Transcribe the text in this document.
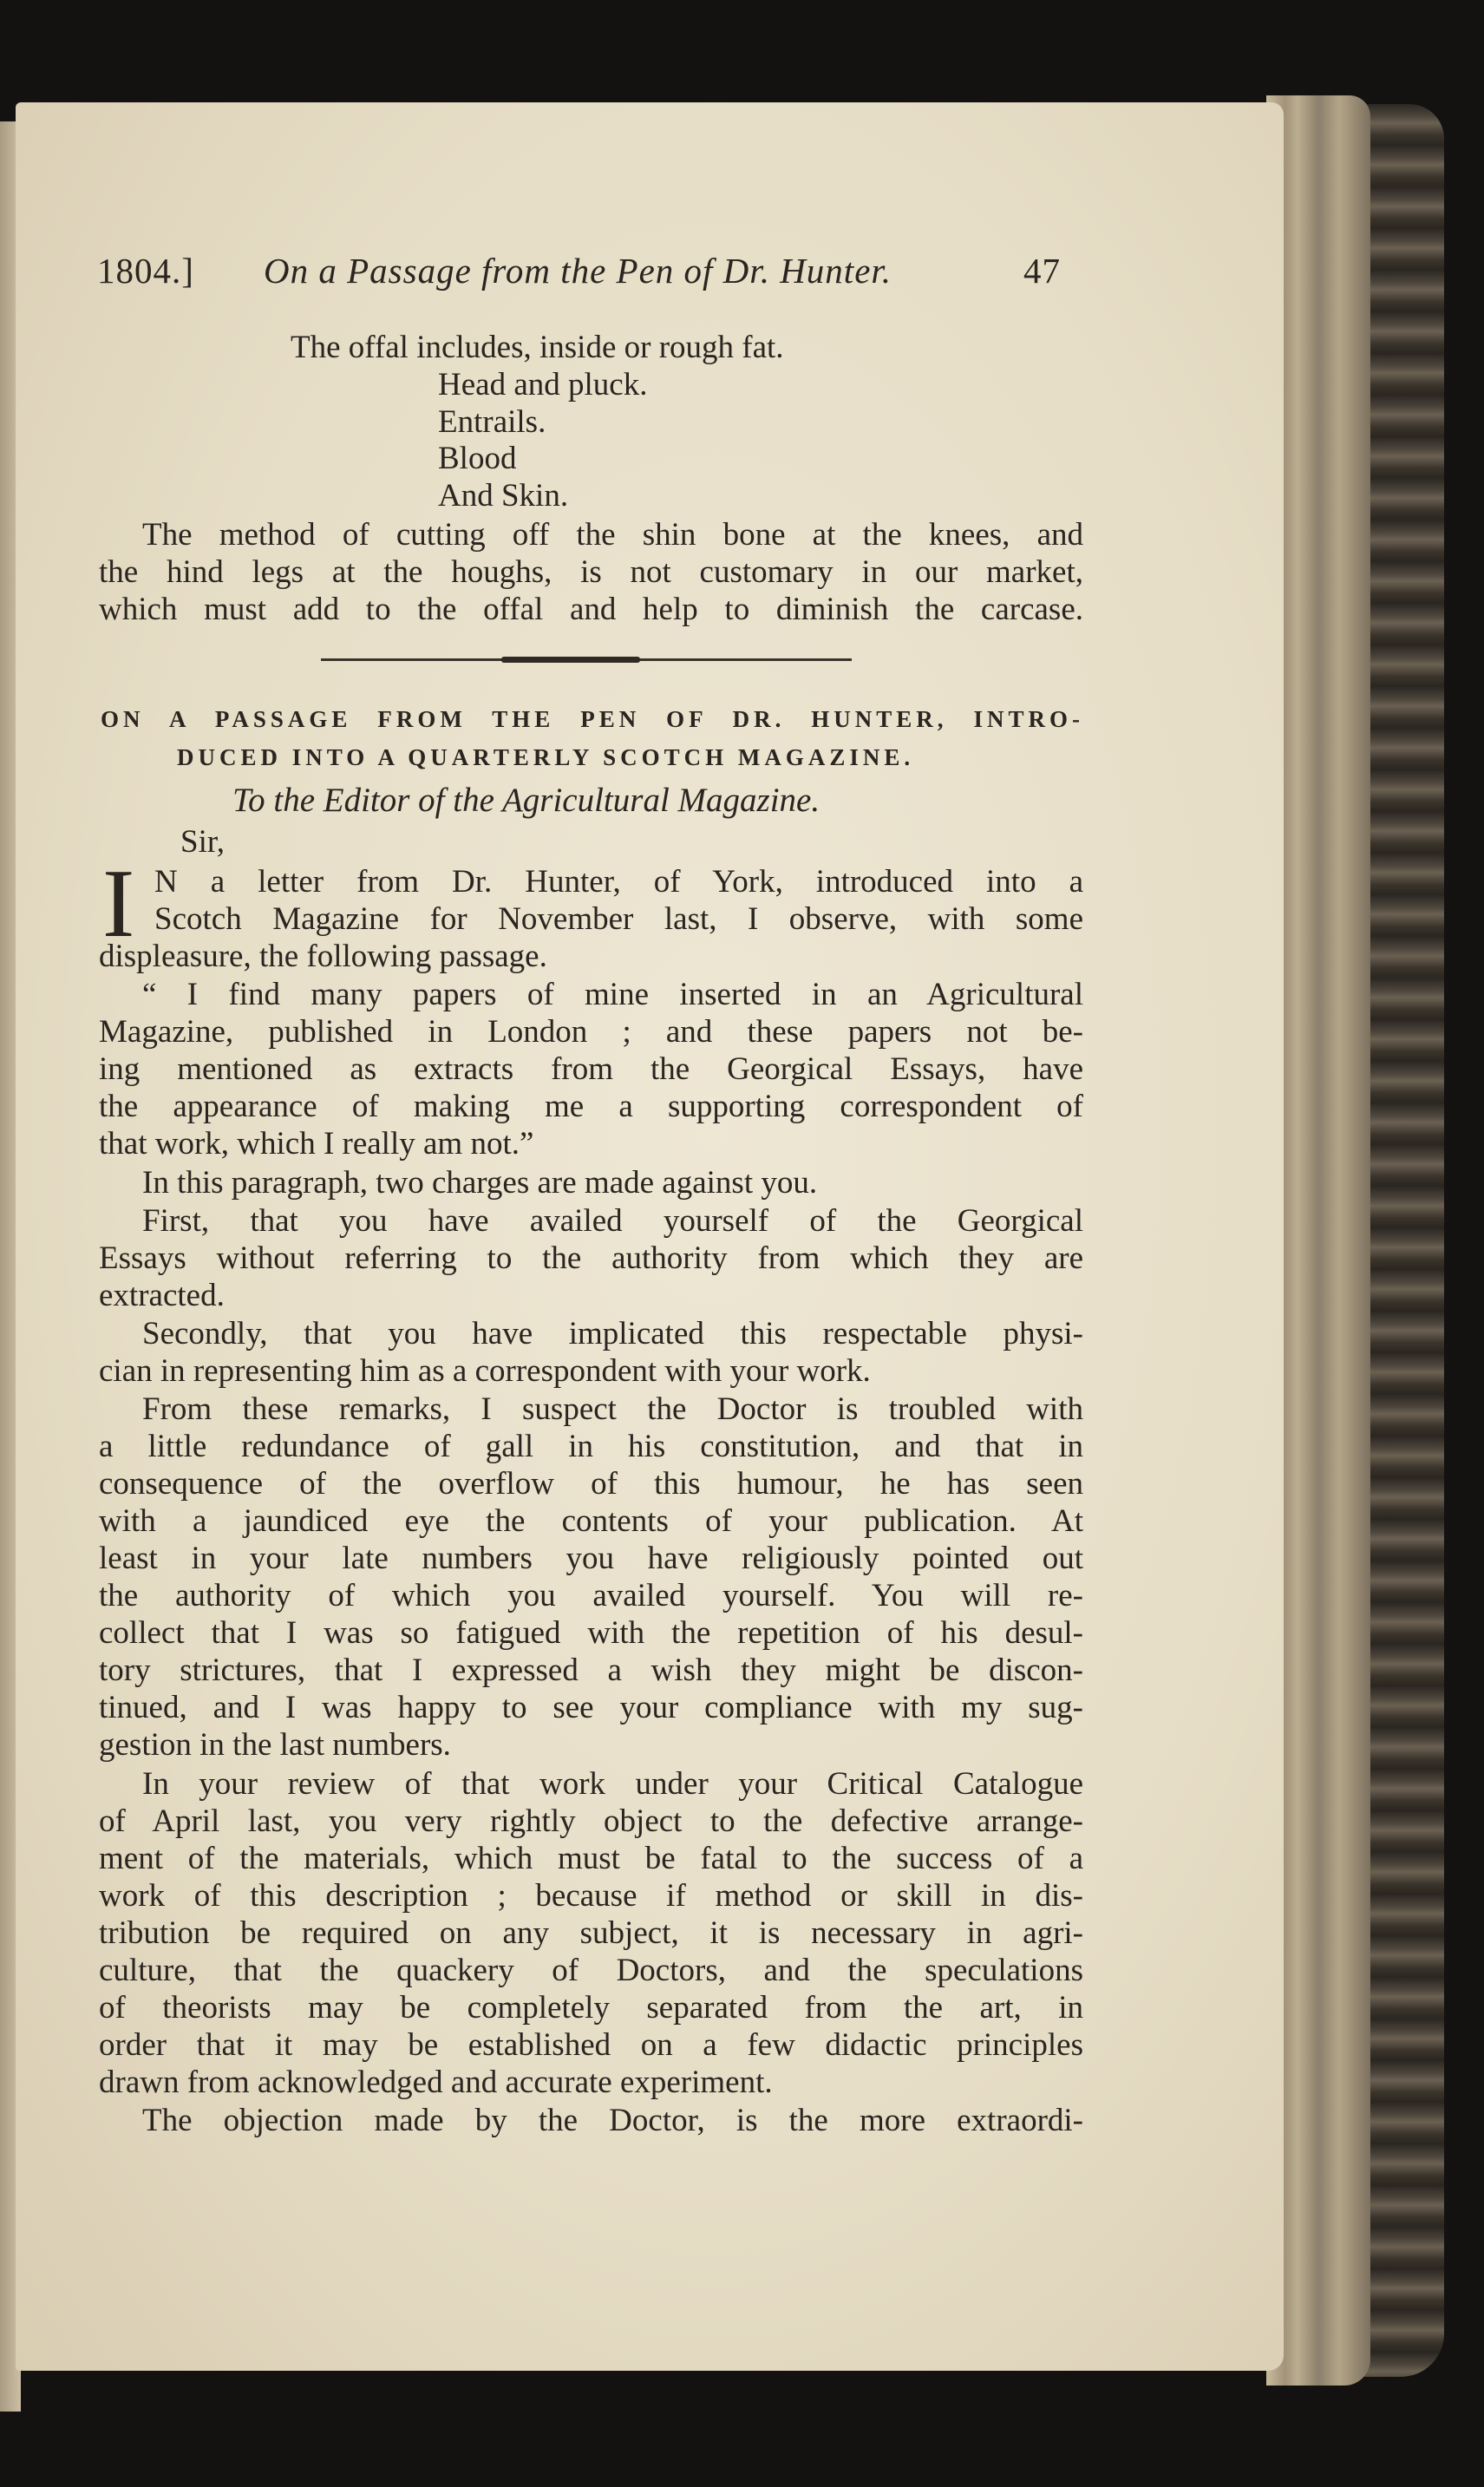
1804.] On a Passage from the Pen of Dr. Hunter.	47
The offal includes, inside or rough fat.
Head and pluck.
Entrails.
Blood
And Skin.
The method of cutting off the shin bone at the knees, and
the hind legs at the houghs, is not customary in our market,
which must add to the offal and help to diminish the carcase.
ON A PASSAGE FROM THE PEN OF DR. HUNTER, INTRO-
DUCED INTO A QUARTERLY SCOTCH MAGAZINE.
To the Editor of the Agricultural Magazine.
Sir,
I N a letter from Dr. Hunter, of York, introduced into a
Scotch Magazine for November last, I observe, with some
displeasure, the following passage.
“ I find many papers of mine inserted in an Agricultural
Magazine, published in London ; and these papers not be-
ing mentioned as extracts from the Georgical Essays, have
the appearance of making me a supporting correspondent of
that work, which I really am not.”
In this paragraph, two charges are made against you.
First, that you have availed yourself of the Georgical
Essays without referring to the authority from which they are
extracted.
Secondly, that you have implicated this respectable physi-
cian in representing him as a correspondent with your work.
From these remarks, I suspect the Doctor is troubled with
a little redundance of gall in his constitution, and that in
consequence of the overflow of this humour, he has seen
with a jaundiced eye the contents of your publication. At
least in your late numbers you have religiously pointed out
the authority of which you availed yourself. You will re-
collect that I was so fatigued with the repetition of his desul-
tory strictures, that I expressed a wish they might be discon-
tinued, and I was happy to see your compliance with my sug-
gestion in the last numbers.
In your review of that work under your Critical Catalogue
of April last, you very rightly object to the defective arrange-
ment of the materials, which must be fatal to the success of a
work of this description ; because if method or skill in dis-
tribution be required on any subject, it is necessary in agri-
culture, that the quackery of Doctors, and the speculations
of theorists may be completely separated from the art, in
order that it may be established on a few didactic principles
drawn from acknowledged and accurate experiment.
The objection made by the Doctor, is the more extraordi-
